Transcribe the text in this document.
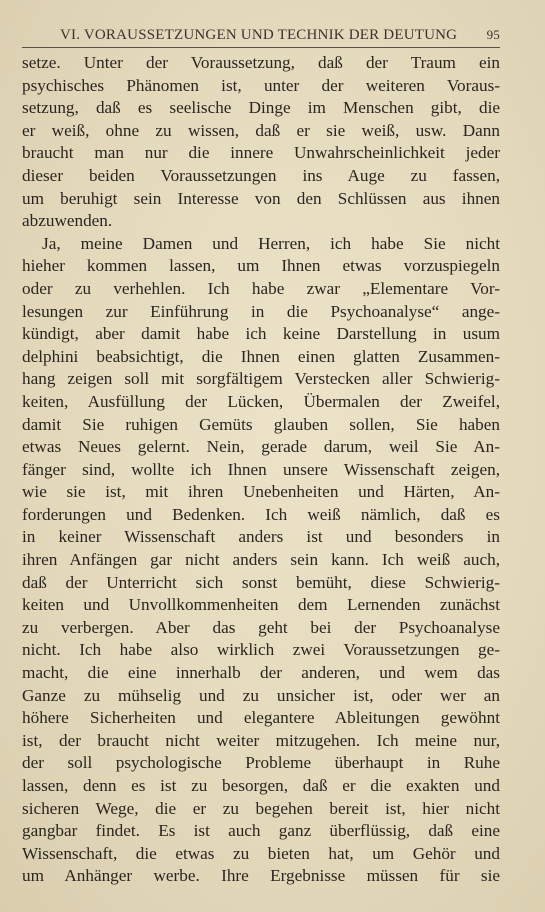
VI. VORAUSSETZUNGEN UND TECHNIK DER DEUTUNG 95
setze. Unter der Voraussetzung, daß der Traum ein
psychisches Phänomen ist, unter der weiteren Voraus-
setzung, daß es seelische Dinge im Menschen gibt, die
er weiß, ohne zu wissen, daß er sie weiß, usw. Dann
braucht man nur die innere Unwahrscheinlichkeit jeder
dieser beiden Voraussetzungen ins Auge zu fassen,
um beruhigt sein Interesse von den Schlüssen aus ihnen
abzuwenden.
Ja, meine Damen und Herren, ich habe Sie nicht
hieher kommen lassen, um Ihnen etwas vorzuspiegeln
oder zu verhehlen. Ich habe zwar „Elementare Vor-
lesungen zur Einführung in die Psychoanalyse“ ange-
kündigt, aber damit habe ich keine Darstellung in usum
delphini beabsichtigt, die Ihnen einen glatten Zusammen-
hang zeigen soll mit sorgfältigem Verstecken aller Schwierig-
keiten, Ausfüllung der Lücken, Übermalen der Zweifel,
damit Sie ruhigen Gemüts glauben sollen, Sie haben
etwas Neues gelernt. Nein, gerade darum, weil Sie An-
fänger sind, wollte ich Ihnen unsere Wissenschaft zeigen,
wie sie ist, mit ihren Unebenheiten und Härten, An-
forderungen und Bedenken. Ich weiß nämlich, daß es
in keiner Wissenschaft anders ist und besonders in
ihren Anfängen gar nicht anders sein kann. Ich weiß auch,
daß der Unterricht sich sonst bemüht, diese Schwierig-
keiten und Unvollkommenheiten dem Lernenden zunächst
zu verbergen. Aber das geht bei der Psychoanalyse
nicht. Ich habe also wirklich zwei Voraussetzungen ge-
macht, die eine innerhalb der anderen, und wem das
Ganze zu mühselig und zu unsicher ist, oder wer an
höhere Sicherheiten und elegantere Ableitungen gewöhnt
ist, der braucht nicht weiter mitzugehen. Ich meine nur,
der soll psychologische Probleme überhaupt in Ruhe
lassen, denn es ist zu besorgen, daß er die exakten und
sicheren Wege, die er zu begehen bereit ist, hier nicht
gangbar findet. Es ist auch ganz überflüssig, daß eine
Wissenschaft, die etwas zu bieten hat, um Gehör und
um Anhänger werbe. Ihre Ergebnisse müssen für sie
